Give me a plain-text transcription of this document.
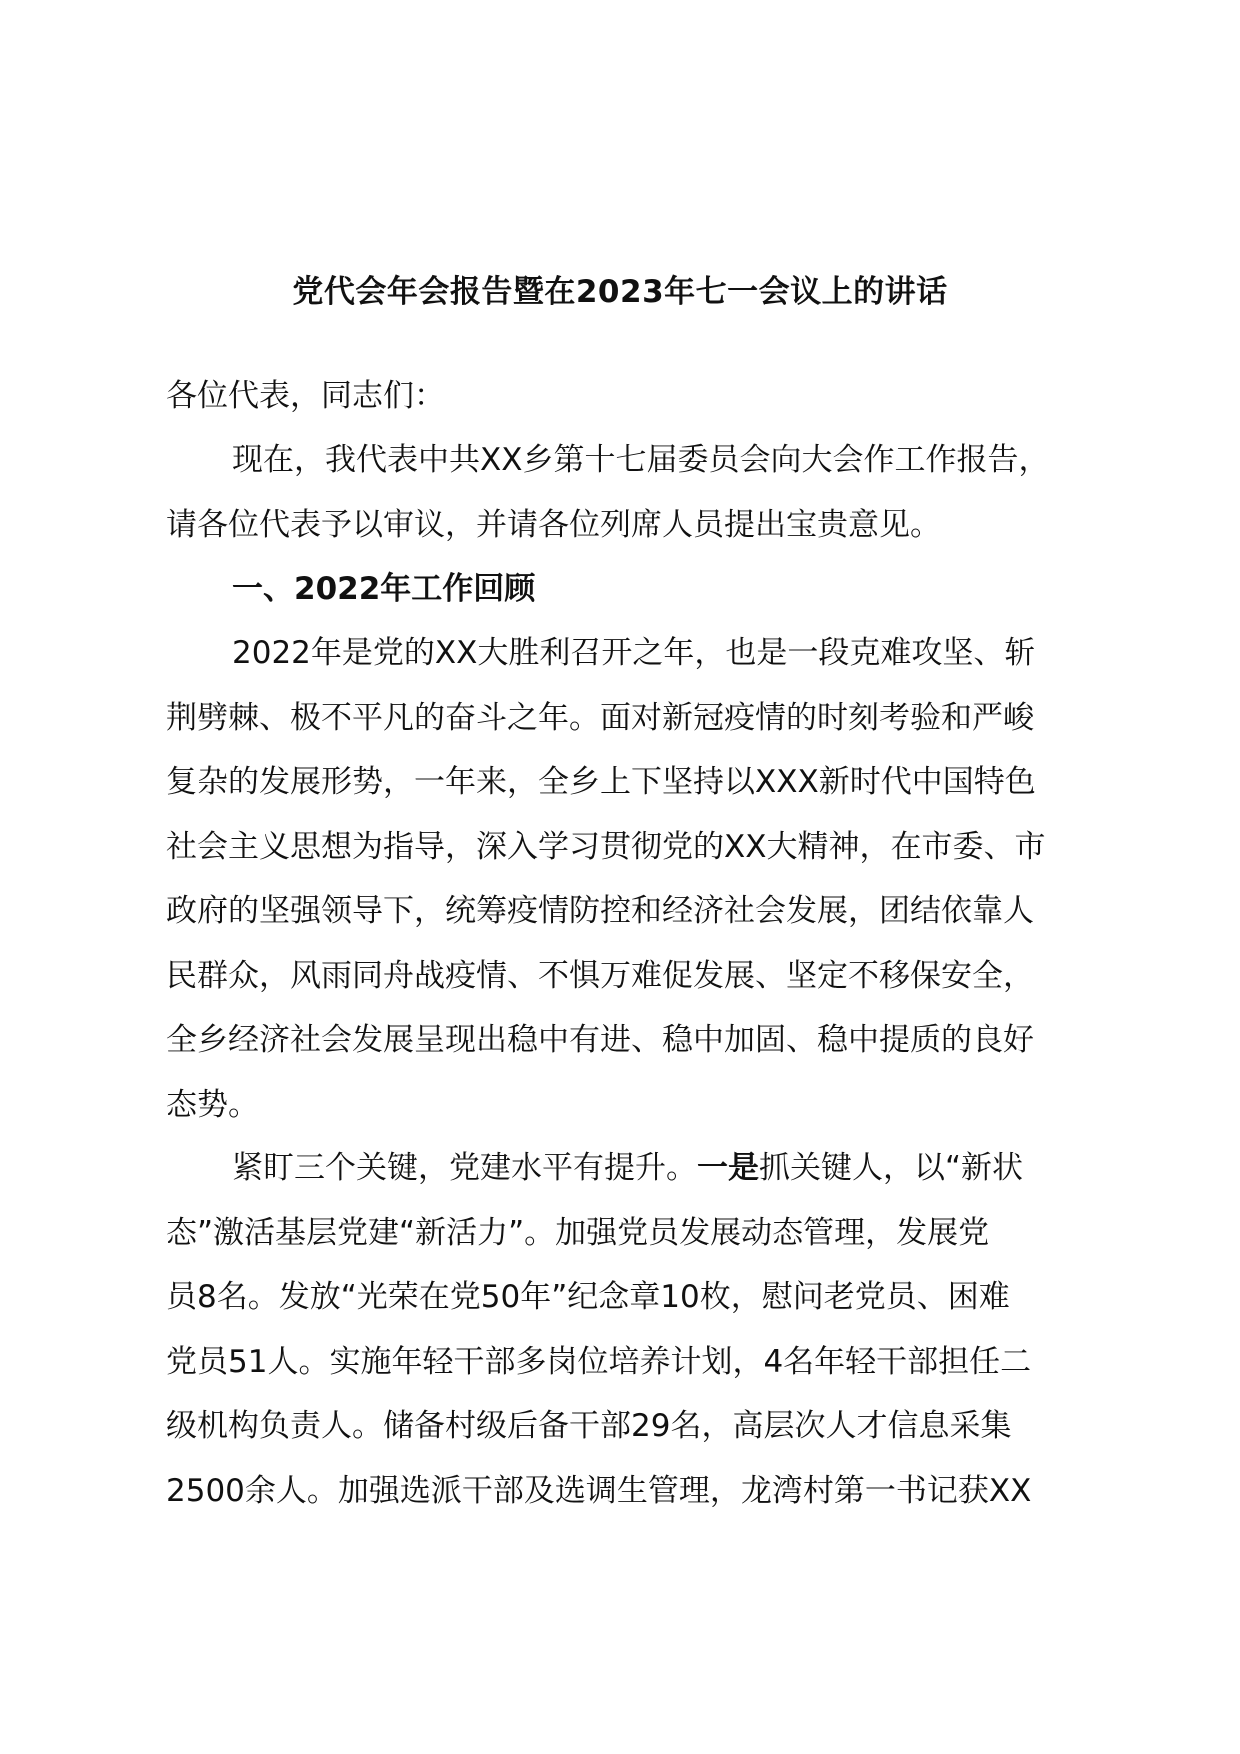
党代会年会报告暨在2023年七一会议上的讲话
各位代表，同志们：
现在，我代表中共XX乡第十七届委员会向大会作工作报告，
请各位代表予以审议，并请各位列席人员提出宝贵意见。
一、2022年工作回顾
2022年是党的XX大胜利召开之年，也是一段克难攻坚、斩
荆劈棘、极不平凡的奋斗之年。面对新冠疫情的时刻考验和严峻
复杂的发展形势，一年来，全乡上下坚持以XXX新时代中国特色
社会主义思想为指导，深入学习贯彻党的XX大精神，在市委、市
政府的坚强领导下，统筹疫情防控和经济社会发展，团结依靠人
民群众，风雨同舟战疫情、不惧万难促发展、坚定不移保安全，
全乡经济社会发展呈现出稳中有进、稳中加固、稳中提质的良好
态势。
紧盯三个关键，党建水平有提升。一是抓关键人，以“新状
态”激活基层党建“新活力”。加强党员发展动态管理，发展党
员8名。发放“光荣在党50年”纪念章10枚，慰问老党员、困难
党员51人。实施年轻干部多岗位培养计划，4名年轻干部担任二
级机构负责人。储备村级后备干部29名，高层次人才信息采集
2500余人。加强选派干部及选调生管理，龙湾村第一书记获XX
